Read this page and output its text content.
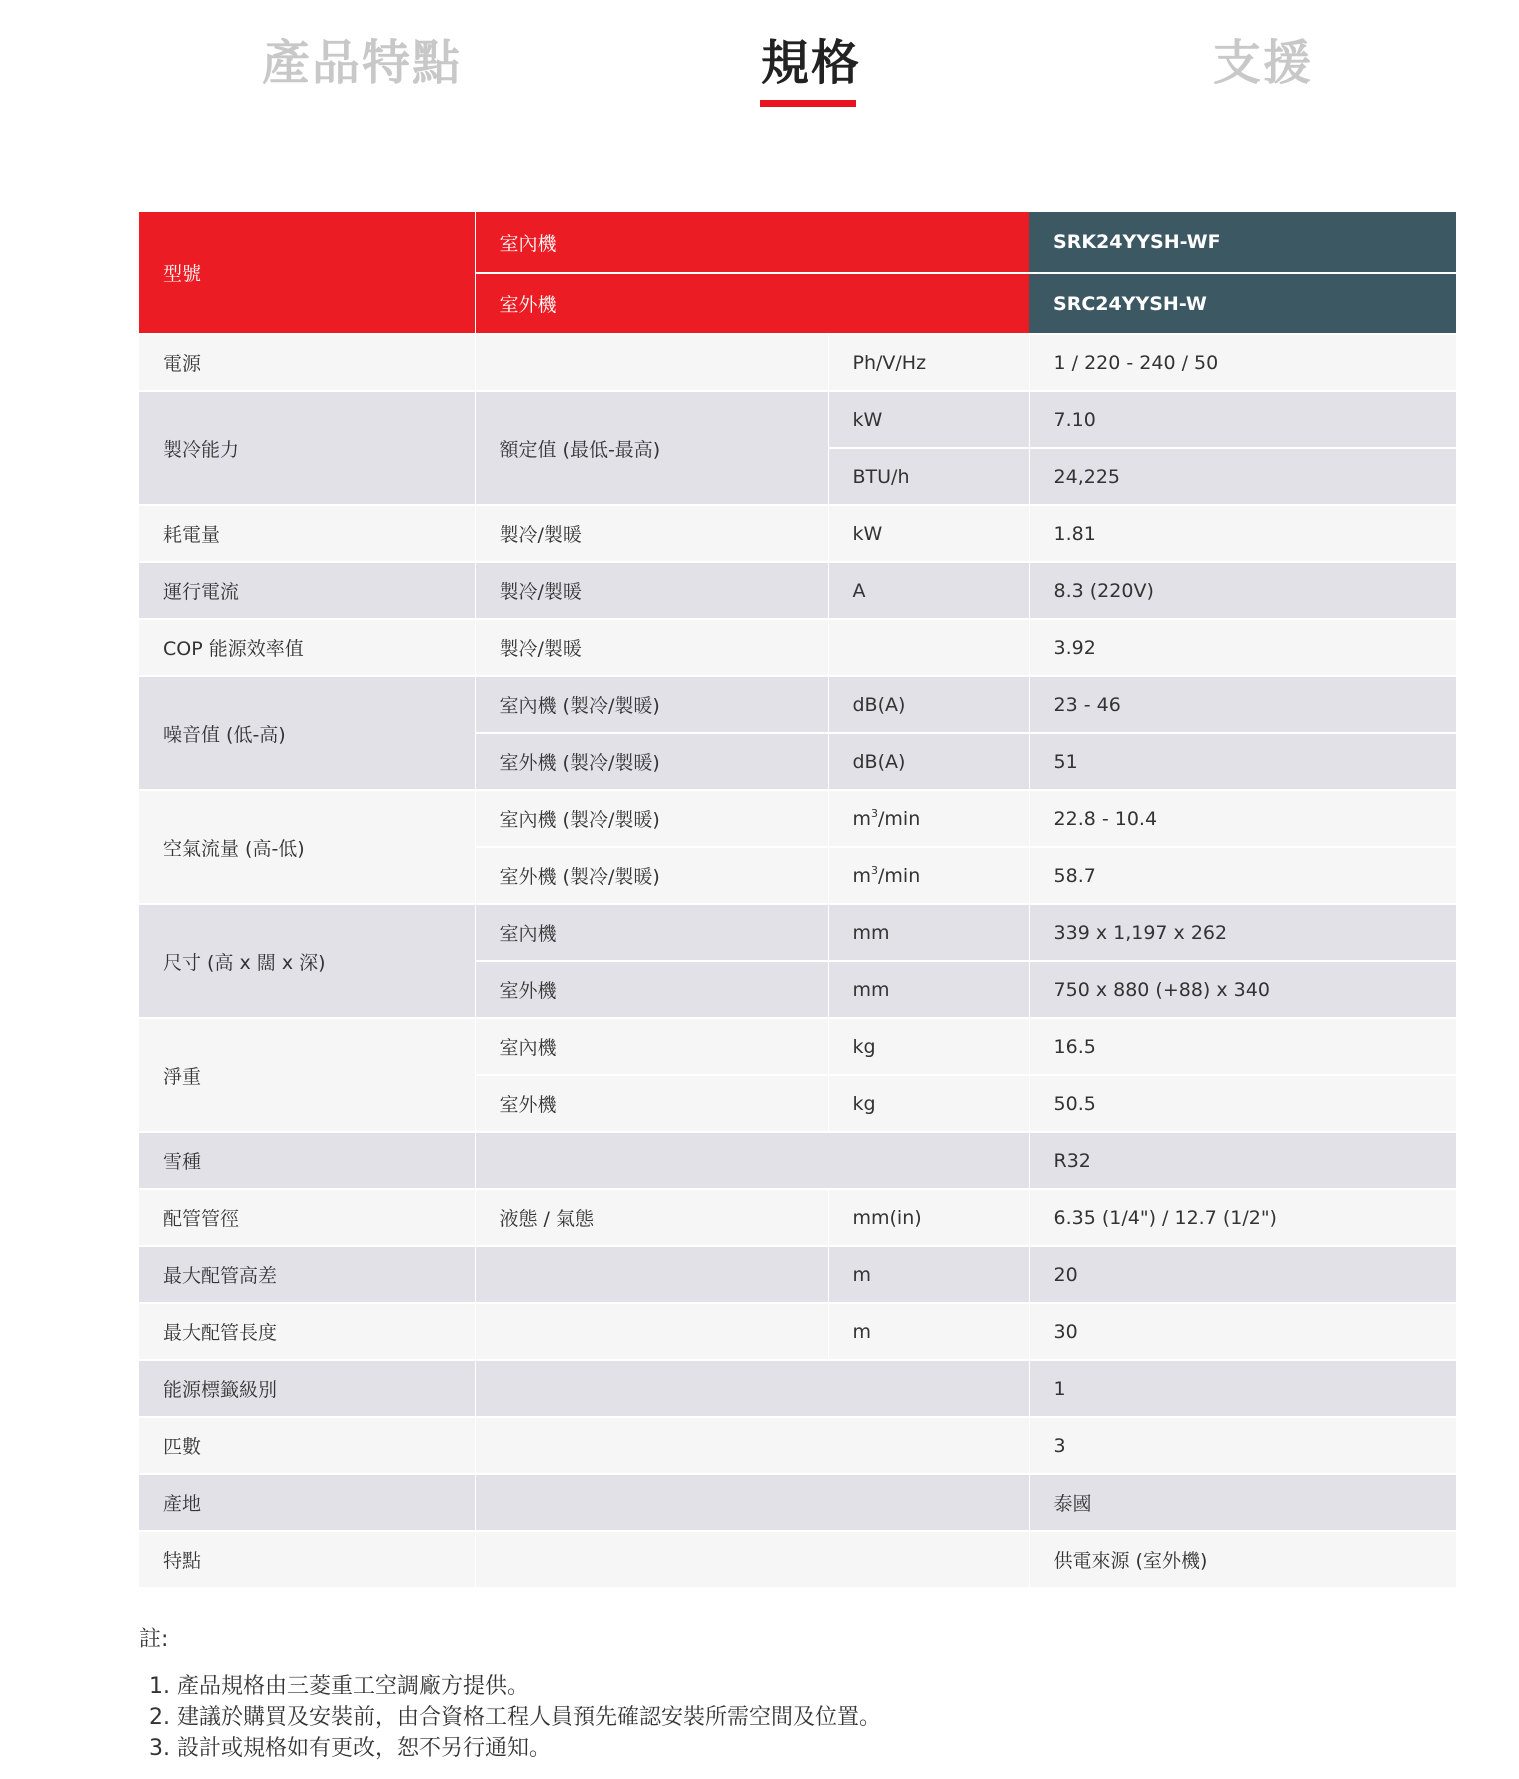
產品特點	規格	支援
型號	室內機		SRK24YYSH-WF
	室外機		SRC24YYSH-W
電源		Ph/V/Hz	1 / 220 - 240 / 50
製冷能力	額定值 (最低-最高)	kW	7.10
		BTU/h	24,225
耗電量	製冷/製暖	kW	1.81
運行電流	製冷/製暖	A	8.3 (220V)
COP 能源效率值	製冷/製暖		3.92
噪音值 (低-高)	室內機 (製冷/製暖)	dB(A)	23 - 46
	室外機 (製冷/製暖)	dB(A)	51
空氣流量 (高-低)	室內機 (製冷/製暖)	$m^3/\min$	22.8 - 10.4
	室外機 (製冷/製暖)	$m^3/\min$	58.7
尺寸 (高 x 闊 x 深)	室內機	mm	339 x 1,197 x 262
	室外機	mm	750 x 880 (+88) x 340
淨重	室內機	kg	16.5
	室外機	kg	50.5
雪種			R32
配管管徑	液態 / 氣態	mm(in)	6.35 (1/4") / 12.7 (1/2")
最大配管高差		m	20
最大配管長度		m	30
能源標籤級別			1
匹數			3
產地			泰國
特點			供電來源 (室外機)
註:
1. 產品規格由三菱重工空調廠方提供。
2. 建議於購買及安裝前，由合資格工程人員預先確認安裝所需空間及位置。
3. 設計或規格如有更改，恕不另行通知。
